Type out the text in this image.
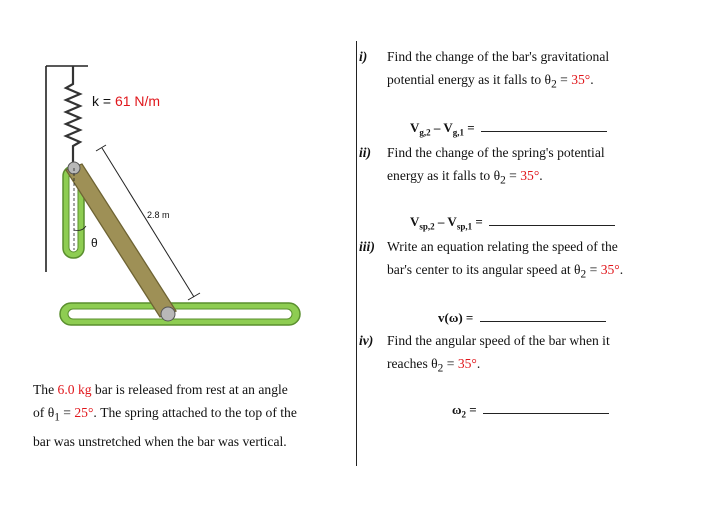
k = 61 N/m
2.8 m
θ
The 6.0 kg bar is released from rest at an angle
of $\theta_1 = 25^\circ$. The spring attached to the top of the
bar was unstretched when the bar was vertical.
i) Find the change of the bar's gravitational
potential energy as it falls to $\theta_2 = 35^\circ$.
$V_{g,2} - V_{g,1}$ =
ii) Find the change of the spring's potential
energy as it falls to $\theta_2 = 35^\circ$.
$V_{sp,2} - V_{sp,1}$ =
iii) Write an equation relating the speed of the
bar's center to its angular speed at $\theta_2 = 35^\circ$.
v(ω) =
iv) Find the angular speed of the bar when it
reaches $\theta_2 = 35^\circ$.
$\omega_2$ =
